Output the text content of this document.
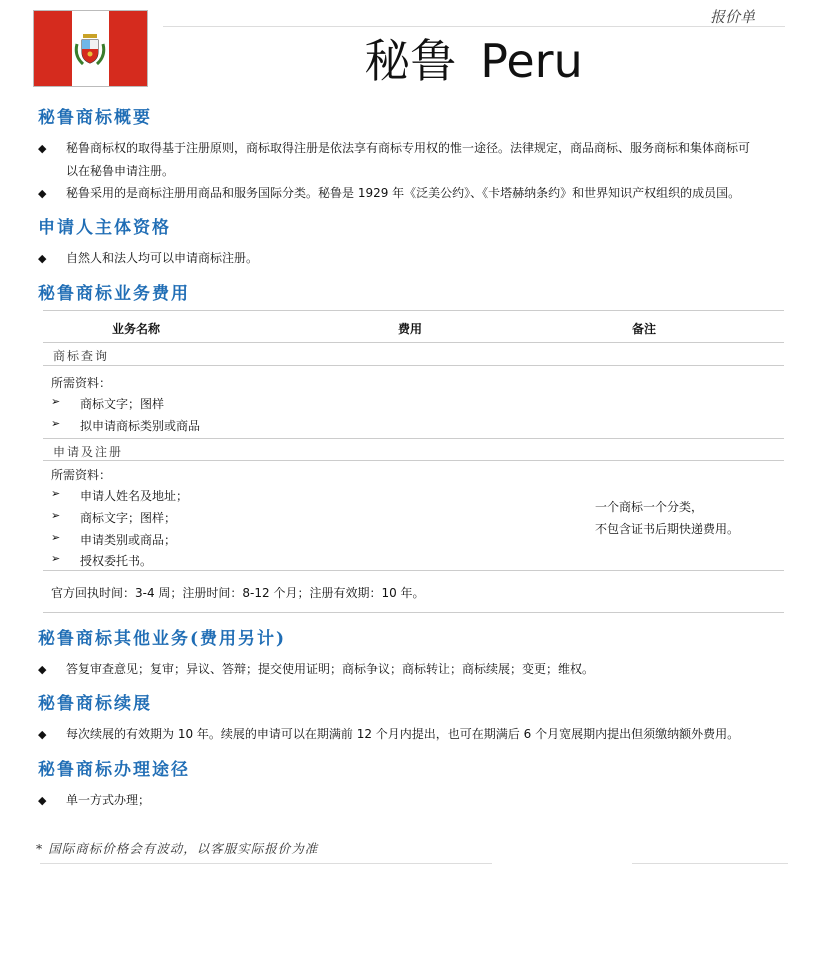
报价单
秘鲁 Peru
秘鲁商标概要
◆ 秘鲁商标权的取得基于注册原则，商标取得注册是依法享有商标专用权的惟一途径。法律规定，商品商标、服务商标和集体商标可
以在秘鲁申请注册。
◆ 秘鲁采用的是商标注册用商品和服务国际分类。秘鲁是 1929 年《泛美公约》、《卡塔赫纳条约》和世界知识产权组织的成员国。
申请人主体资格
◆ 自然人和法人均可以申请商标注册。
秘鲁商标业务费用
业务名称	费用	备注
商标查询
所需资料：
➢ 商标文字；图样
➢ 拟申请商标类别或商品
申请及注册
所需资料：
➢ 申请人姓名及地址；
➢ 商标文字；图样；
➢ 申请类别或商品；
➢ 授权委托书。
一个商标一个分类，
不包含证书后期快递费用。
官方回执时间：3-4 周；注册时间：8-12 个月；注册有效期：10 年。
秘鲁商标其他业务(费用另计)
◆ 答复审查意见；复审；异议、答辩；提交使用证明；商标争议；商标转让；商标续展；变更；维权。
秘鲁商标续展
◆ 每次续展的有效期为 10 年。续展的申请可以在期满前 12 个月内提出，也可在期满后 6 个月宽展期内提出但须缴纳额外费用。
秘鲁商标办理途径
◆ 单一方式办理；
* 国际商标价格会有波动，以客服实际报价为准
